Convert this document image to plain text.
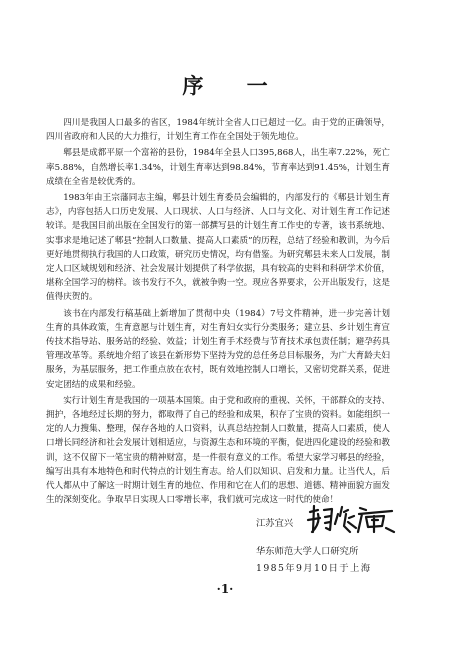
序 一

四川是我国人口最多的省区，1984年统计全省人口已超过一亿。由于党的正确领导，四川省政府和人民的大力推行，计划生育工作在全国处于领先地位。

郫县是成都平原一个富裕的县份，1984年全县人口395,868人，出生率7.22%，死亡率5.88%，自然增长率1.34%，计划生育率达到98.84%，节育率达到91.45%，计划生育成绩在全省是较优秀的。

1983年由王宗藩同志主编，郫县计划生育委员会编辑的，内部发行的《郫县计划生育志》，内容包括人口历史发展、人口现状、人口与经济、人口与文化、对计划生育工作记述较详。是我国目前出版在全国发行的第一部撰写县的计划生育工作史的专著，该书系统地、实事求是地记述了郫县“控制人口数量、提高人口素质”的历程，总结了经验和教训，为今后更好地贯彻执行我国的人口政策，研究历史情况，均有借鉴。为研究郫县未来人口发展，制定人口区域规划和经济、社会发展计划提供了科学依据，具有较高的史料和科研学术价值，堪称全国学习的榜样。该书发行不久，就被争购一空。现应各界要求，公开出版发行，这是值得庆贺的。

该书在内部发行稿基础上新增加了贯彻中央（1984）7号文件精神，进一步完善计划生育的具体政策，生育意愿与计划生育，对生育妇女实行分类服务；建立县、乡计划生育宣传技术指导站、服务站的经验、效益；计划生育手术经费与节育技术承包责任制；避孕药具管理改革等。系统地介绍了该县在新形势下坚持为党的总任务总目标服务，为广大育龄夫妇服务，为基层服务，把工作重点放在农村，既有效地控制人口增长，又密切党群关系，促进安定团结的成果和经验。

实行计划生育是我国的一项基本国策。由于党和政府的重视、关怀，干部群众的支持、拥护，各地经过长期的努力，都取得了自己的经验和成果，积存了宝贵的资料。如能组织一定的人力搜集、整理，保存各地的人口资料，认真总结控制人口数量，提高人口素质，使人口增长同经济和社会发展计划相适应，与资源生态和环境的平衡，促进四化建设的经验和教训，这不仅留下一笔宝贵的精神财富，是一件很有意义的工作。希望大家学习郫县的经验，编写出具有本地特色和时代特点的计划生育志。给人们以知识、启发和力量。让当代人，后代人都从中了解这一时期计划生育的地位、作用和它在人们的思想、道德、精神面貌方面发生的深刻变化。争取早日实现人口零增长率，我们就可完成这一时代的使命！

江苏宜兴
华东师范大学人口研究所
1985年9月10日于上海
·1·
